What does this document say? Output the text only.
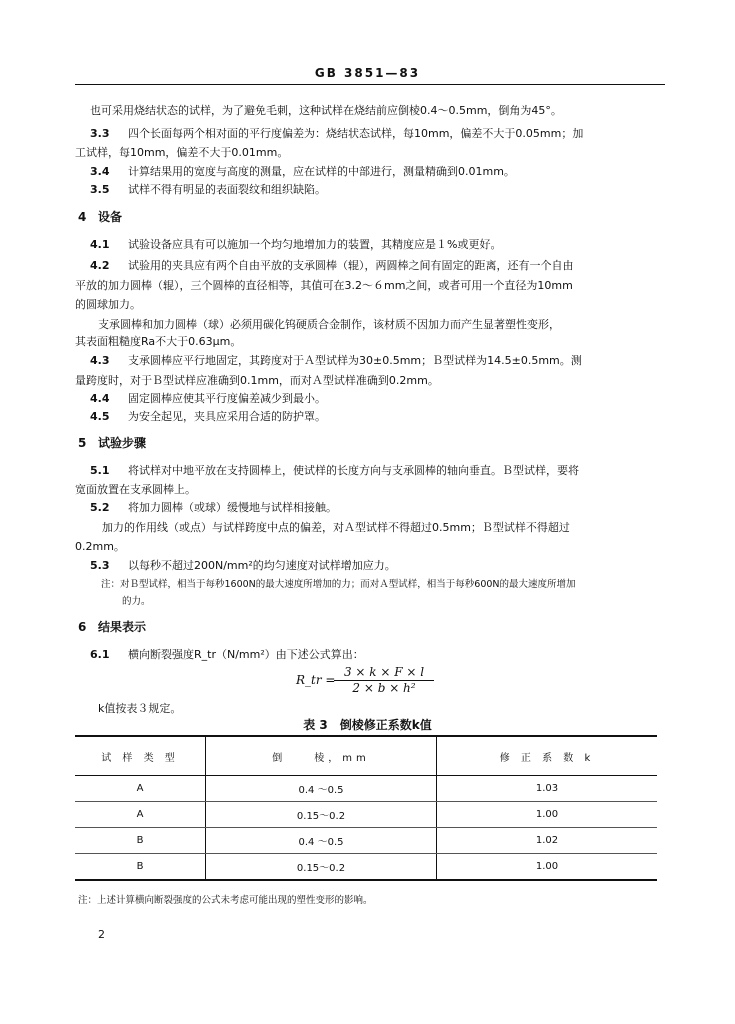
GB 3851—83
也可采用烧结状态的试样，为了避免毛刺，这种试样在烧结前应倒棱0.4～0.5mm，倒角为45°。
3.3 四个长面每两个相对面的平行度偏差为：烧结状态试样，每10mm，偏差不大于0.05mm；加
工试样，每10mm，偏差不大于0.01mm。
3.4 计算结果用的宽度与高度的测量，应在试样的中部进行，测量精确到0.01mm。
3.5 试样不得有明显的表面裂纹和组织缺陷。
4 设备
4.1 试验设备应具有可以施加一个均匀地增加力的装置，其精度应是１%或更好。
4.2 试验用的夹具应有两个自由平放的支承圆棒（辊），两圆棒之间有固定的距离，还有一个自由
平放的加力圆棒（辊），三个圆棒的直径相等，其值可在3.2～６mm之间，或者可用一个直径为10mm
的圆球加力。
支承圆棒和加力圆棒（球）必须用碳化钨硬质合金制作，该材质不因加力而产生显著塑性变形，
其表面粗糙度Ra不大于0.63μm。
4.3 支承圆棒应平行地固定，其跨度对于Ａ型试样为30±0.5mm；Ｂ型试样为14.5±0.5mm。测
量跨度时，对于Ｂ型试样应准确到0.1mm，而对Ａ型试样准确到0.2mm。
4.4 固定圆棒应使其平行度偏差减少到最小。
4.5 为安全起见，夹具应采用合适的防护罩。
5 试验步骤
5.1 将试样对中地平放在支持圆棒上，使试样的长度方向与支承圆棒的轴向垂直。Ｂ型试样，要将
宽面放置在支承圆棒上。
5.2 将加力圆棒（或球）缓慢地与试样相接触。
加力的作用线（或点）与试样跨度中点的偏差，对Ａ型试样不得超过0.5mm；Ｂ型试样不得超过
0.2mm。
5.3 以每秒不超过200N/mm²的均匀速度对试样增加应力。
注：对Ｂ型试样，相当于每秒1600N的最大速度所增加的力；而对Ａ型试样，相当于每秒600N的最大速度所增加
的力。
6 结果表示
6.1 横向断裂强度R_tr（N/mm²）由下述公式算出：
R_tr =
$\frac{3 \times k \times F \times l}{\text{2 × b × h²}}$
k值按表３规定。
表 3　倒棱修正系数k值
试 样 类 型	倒　　棱，mm	修 正 系 数 k
A	0.4 ～0.5	1.03
A	0.15～0.2	1.00
B	0.4 ～0.5	1.02
B	0.15～0.2	1.00
注：上述计算横向断裂强度的公式未考虑可能出现的塑性变形的影响。
2
